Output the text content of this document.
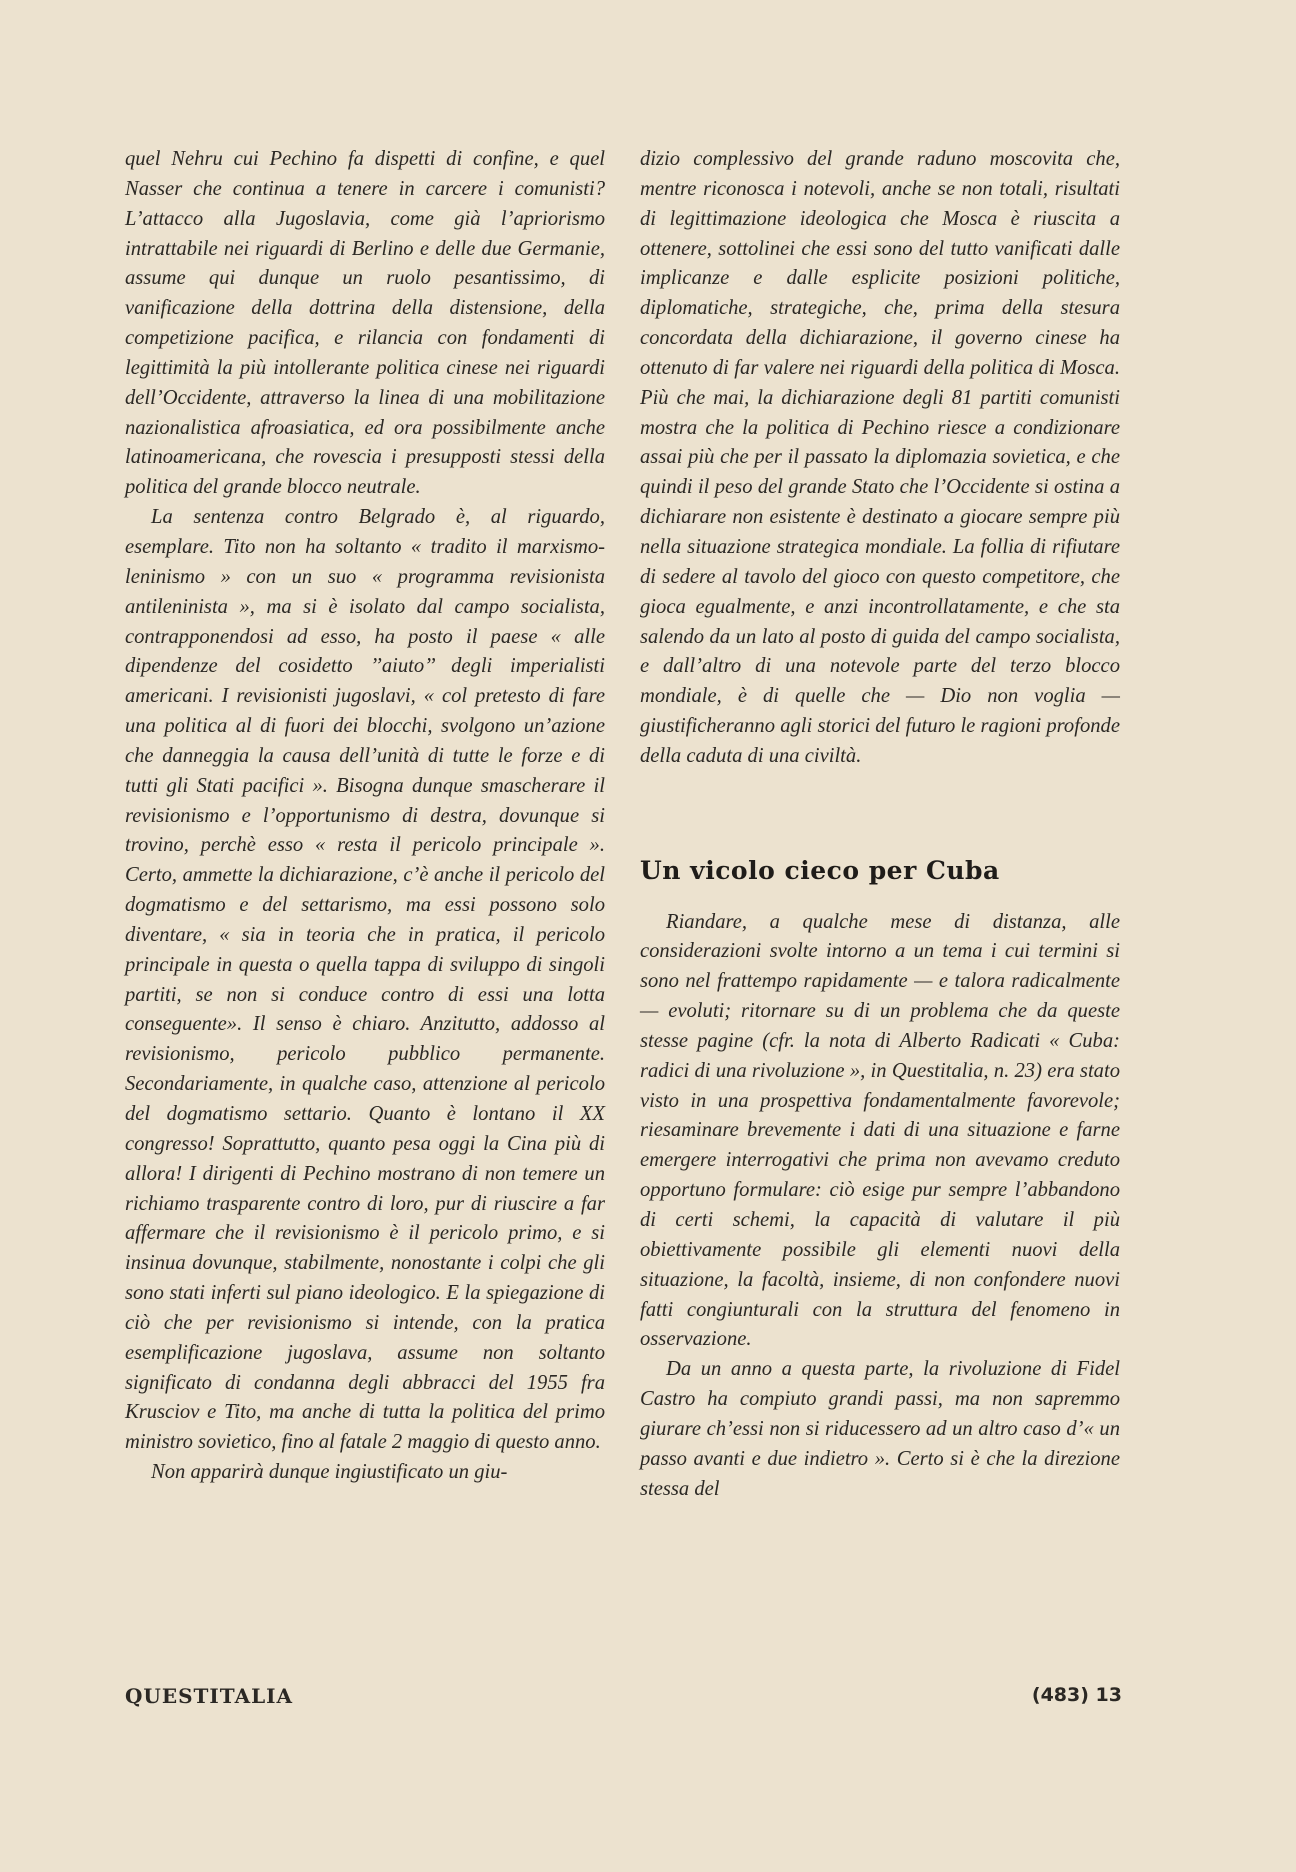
quel Nehru cui Pechino fa dispetti di confine, e quel Nasser che continua a tenere in carcere i comunisti? L’attacco alla Jugoslavia, come già l’apriorismo intrattabile nei riguardi di Berlino e delle due Germanie, assume qui dunque un ruolo pesantissimo, di vanificazione della dottrina della distensione, della competizione pacifica, e rilancia con fondamenti di legittimità la più intollerante politica cinese nei riguardi dell’Occidente, attraverso la linea di una mobilitazione nazionalistica afroasiatica, ed ora possibilmente anche latinoamericana, che rovescia i presupposti stessi della politica del grande blocco neutrale.

La sentenza contro Belgrado è, al riguardo, esemplare. Tito non ha soltanto « tradito il marxismo-leninismo » con un suo « programma revisionista antileninista », ma si è isolato dal campo socialista, contrapponendosi ad esso, ha posto il paese « alle dipendenze del cosidetto ’’aiuto’’ degli imperialisti americani. I revisionisti jugoslavi, « col pretesto di fare una politica al di fuori dei blocchi, svolgono un’azione che danneggia la causa dell’unità di tutte le forze e di tutti gli Stati pacifici ». Bisogna dunque smascherare il revisionismo e l’opportunismo di destra, dovunque si trovino, perchè esso « resta il pericolo principale ». Certo, ammette la dichiarazione, c’è anche il pericolo del dogmatismo e del settarismo, ma essi possono solo diventare, « sia in teoria che in pratica, il pericolo principale in questa o quella tappa di sviluppo di singoli partiti, se non si conduce contro di essi una lotta conseguente». Il senso è chiaro. Anzitutto, addosso al revisionismo, pericolo pubblico permanente. Secondariamente, in qualche caso, attenzione al pericolo del dogmatismo settario. Quanto è lontano il XX congresso! Soprattutto, quanto pesa oggi la Cina più di allora! I dirigenti di Pechino mostrano di non temere un richiamo trasparente contro di loro, pur di riuscire a far affermare che il revisionismo è il pericolo primo, e si insinua dovunque, stabilmente, nonostante i colpi che gli sono stati inferti sul piano ideologico. E la spiegazione di ciò che per revisionismo si intende, con la pratica esemplificazione jugoslava, assume non soltanto significato di condanna degli abbracci del 1955 fra Krusciov e Tito, ma anche di tutta la politica del primo ministro sovietico, fino al fatale 2 maggio di questo anno.

Non apparirà dunque ingiustificato un giu-

dizio complessivo del grande raduno moscovita che, mentre riconosca i notevoli, anche se non totali, risultati di legittimazione ideologica che Mosca è riuscita a ottenere, sottolinei che essi sono del tutto vanificati dalle implicanze e dalle esplicite posizioni politiche, diplomatiche, strategiche, che, prima della stesura concordata della dichiarazione, il governo cinese ha ottenuto di far valere nei riguardi della politica di Mosca. Più che mai, la dichiarazione degli 81 partiti comunisti mostra che la politica di Pechino riesce a condizionare assai più che per il passato la diplomazia sovietica, e che quindi il peso del grande Stato che l’Occidente si ostina a dichiarare non esistente è destinato a giocare sempre più nella situazione strategica mondiale. La follia di rifiutare di sedere al tavolo del gioco con questo competitore, che gioca egualmente, e anzi incontrollatamente, e che sta salendo da un lato al posto di guida del campo socialista, e dall’altro di una notevole parte del terzo blocco mondiale, è di quelle che — Dio non voglia — giustificheranno agli storici del futuro le ragioni profonde della caduta di una civiltà.

Un vicolo cieco per Cuba

Riandare, a qualche mese di distanza, alle considerazioni svolte intorno a un tema i cui termini si sono nel frattempo rapidamente — e talora radicalmente — evoluti; ritornare su di un problema che da queste stesse pagine (cfr. la nota di Alberto Radicati « Cuba: radici di una rivoluzione », in Questitalia, n. 23) era stato visto in una prospettiva fondamentalmente favorevole; riesaminare brevemente i dati di una situazione e farne emergere interrogativi che prima non avevamo creduto opportuno formulare: ciò esige pur sempre l’abbandono di certi schemi, la capacità di valutare il più obiettivamente possibile gli elementi nuovi della situazione, la facoltà, insieme, di non confondere nuovi fatti congiunturali con la struttura del fenomeno in osservazione.

Da un anno a questa parte, la rivoluzione di Fidel Castro ha compiuto grandi passi, ma non sapremmo giurare ch’essi non si riducessero ad un altro caso d’« un passo avanti e due indietro ». Certo si è che la direzione stessa del

QUESTITALIA	(483) 13
